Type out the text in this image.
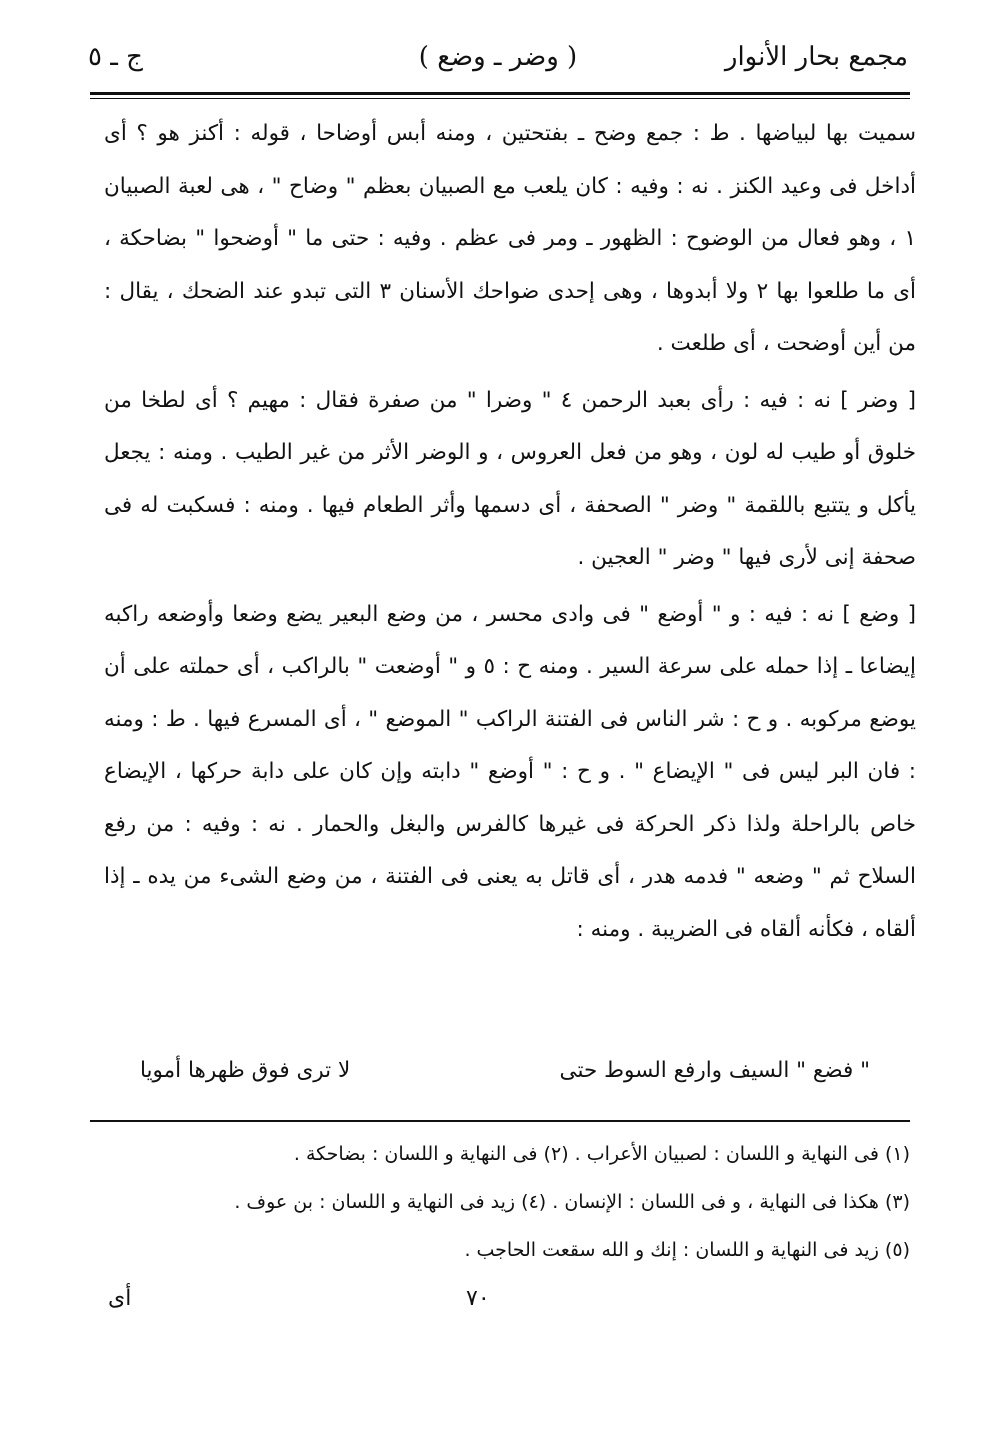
مجمع بحار الأنوار
( وضر ـ وضع )
ج ـ ٥

سميت بها لبياضها . ط : جمع وضح ـ بفتحتين ، ومنه أبس أوضاحا ، قوله : أكنز هو ؟ أى أداخل فى وعيد الكنز . نه : وفيه : كان يلعب مع الصبيان بعظم " وضاح " ، هى لعبة الصبيان ١ ، وهو فعال من الوضوح : الظهور ـ ومر فى عظم . وفيه : حتى ما " أوضحوا " بضاحكة ، أى ما طلعوا بها ٢ ولا أبدوها ، وهى إحدى ضواحك الأسنان ٣ التى تبدو عند الضحك ، يقال : من أين أوضحت ، أى طلعت .

[ وضر ] نه : فيه : رأى بعبد الرحمن ٤ " وضرا " من صفرة فقال : مهيم ؟ أى لطخا من خلوق أو طيب له لون ، وهو من فعل العروس ، و الوضر الأثر من غير الطيب . ومنه : يجعل يأكل و يتتبع باللقمة " وضر " الصحفة ، أى دسمها وأثر الطعام فيها . ومنه : فسكبت له فى صحفة إنى لأرى فيها " وضر " العجين .

[ وضع ] نه : فيه : و " أوضع " فى وادى محسر ، من وضع البعير يضع وضعا وأوضعه راكبه إيضاعا ـ إذا حمله على سرعة السير . ومنه ح : ٥ و " أوضعت " بالراكب ، أى حملته على أن يوضع مركوبه . و ح : شر الناس فى الفتنة الراكب " الموضع " ، أى المسرع فيها . ط : ومنه : فان البر ليس فى " الإيضاع " . و ح : " أوضع " دابته وإن كان على دابة حركها ، الإيضاع خاص بالراحلة ولذا ذكر الحركة فى غيرها كالفرس والبغل والحمار . نه : وفيه : من رفع السلاح ثم " وضعه " فدمه هدر ، أى قاتل به يعنى فى الفتنة ، من وضع الشىء من يده ـ إذا ألقاه ، فكأنه ألقاه فى الضريبة . ومنه :

" فضع " السيف وارفع السوط حتى
لا ترى فوق ظهرها أمويا
(١) فى النهاية و اللسان : لصبيان الأعراب . (٢) فى النهاية و اللسان : بضاحكة .
(٣) هكذا فى النهاية ، و فى اللسان : الإنسان . (٤) زيد فى النهاية و اللسان : بن عوف .
(٥) زيد فى النهاية و اللسان : إنك و الله سقعت الحاجب .
٧٠
أى
